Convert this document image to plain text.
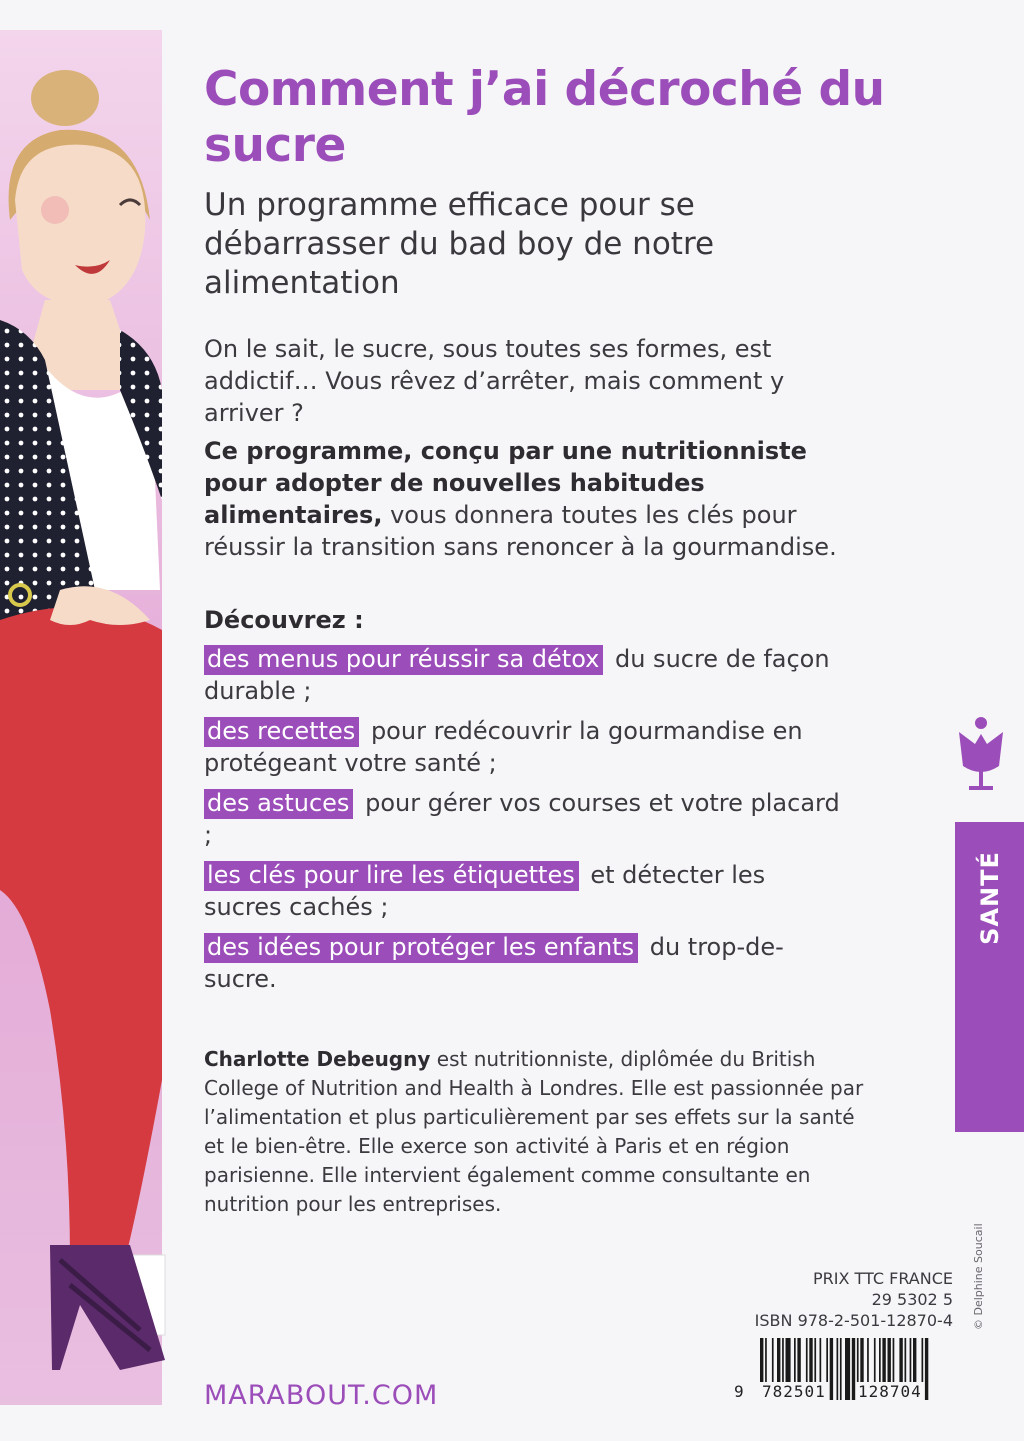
Comment j’ai décroché du sucre
Un programme efficace pour se débarrasser du bad boy de notre alimentation

On le sait, le sucre, sous toutes ses formes, est addictif… Vous rêvez d’arrêter, mais comment y arriver ?

Ce programme, conçu par une nutritionniste pour adopter de nouvelles habitudes alimentaires, vous donnera toutes les clés pour réussir la transition sans renoncer à la gourmandise.

Découvrez :

des menus pour réussir sa détox du sucre de façon durable ;
des recettes pour redécouvrir la gourmandise en protégeant votre santé ;
des astuces pour gérer vos courses et votre placard ;
les clés pour lire les étiquettes et détecter les sucres cachés ;
des idées pour protéger les enfants du trop-de-sucre.

Charlotte Debeugny est nutritionniste, diplômée du British College of Nutrition and Health à Londres. Elle est passionnée par l’alimentation et plus particulièrement par ses effets sur la santé et le bien-être. Elle exerce son activité à Paris et en région parisienne. Elle intervient également comme consultante en nutrition pour les entreprises.

SANTÉ
PRIX TTC FRANCE
29 5302 5
ISBN 978-2-501-12870-4
9 782501 128704
© Delphine Soucail

MARABOUT.COM
